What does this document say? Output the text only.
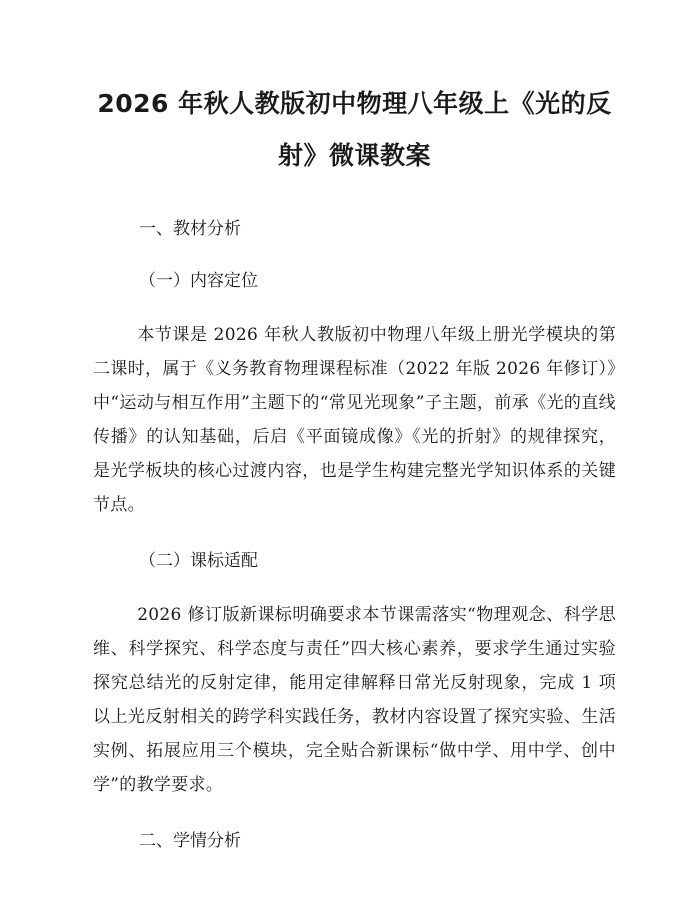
2026 年秋人教版初中物理八年级上《光的反
射》微课教案
一、教材分析
（一）内容定位

本节课是 2026 年秋人教版初中物理八年级上册光学模块的第二课时，属于《义务教育物理课程标准（2022 年版 2026 年修订）》中“运动与相互作用”主题下的“常见光现象”子主题，前承《光的直线传播》的认知基础，后启《平面镜成像》《光的折射》的规律探究，是光学板块的核心过渡内容，也是学生构建完整光学知识体系的关键节点。

（二）课标适配

2026 修订版新课标明确要求本节课需落实“物理观念、科学思维、科学探究、科学态度与责任”四大核心素养，要求学生通过实验探究总结光的反射定律，能用定律解释日常光反射现象，完成 1 项以上光反射相关的跨学科实践任务，教材内容设置了探究实验、生活实例、拓展应用三个模块，完全贴合新课标“做中学、用中学、创中学”的教学要求。

二、学情分析
